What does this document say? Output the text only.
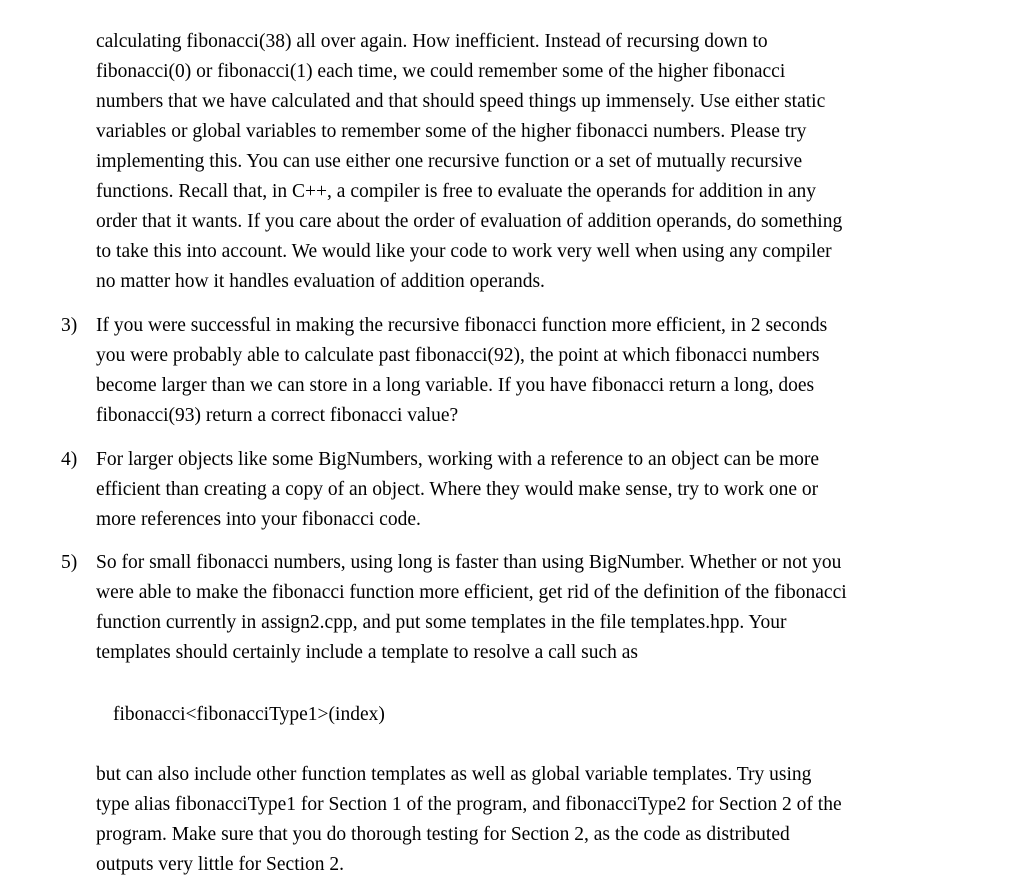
calculating fibonacci(38) all over again. How inefficient. Instead of recursing down to
fibonacci(0) or fibonacci(1) each time, we could remember some of the higher fibonacci
numbers that we have calculated and that should speed things up immensely. Use either static
variables or global variables to remember some of the higher fibonacci numbers. Please try
implementing this. You can use either one recursive function or a set of mutually recursive
functions. Recall that, in C++, a compiler is free to evaluate the operands for addition in any
order that it wants. If you care about the order of evaluation of addition operands, do something
to take this into account. We would like your code to work very well when using any compiler
no matter how it handles evaluation of addition operands.
3) If you were successful in making the recursive fibonacci function more efficient, in 2 seconds
you were probably able to calculate past fibonacci(92), the point at which fibonacci numbers
become larger than we can store in a long variable. If you have fibonacci return a long, does
fibonacci(93) return a correct fibonacci value?
4) For larger objects like some BigNumbers, working with a reference to an object can be more
efficient than creating a copy of an object. Where they would make sense, try to work one or
more references into your fibonacci code.
5) So for small fibonacci numbers, using long is faster than using BigNumber. Whether or not you
were able to make the fibonacci function more efficient, get rid of the definition of the fibonacci
function currently in assign2.cpp, and put some templates in the file templates.hpp. Your
templates should certainly include a template to resolve a call such as
fibonacci<fibonacciType1>(index)
but can also include other function templates as well as global variable templates. Try using
type alias fibonacciType1 for Section 1 of the program, and fibonacciType2 for Section 2 of the
program. Make sure that you do thorough testing for Section 2, as the code as distributed
outputs very little for Section 2.
